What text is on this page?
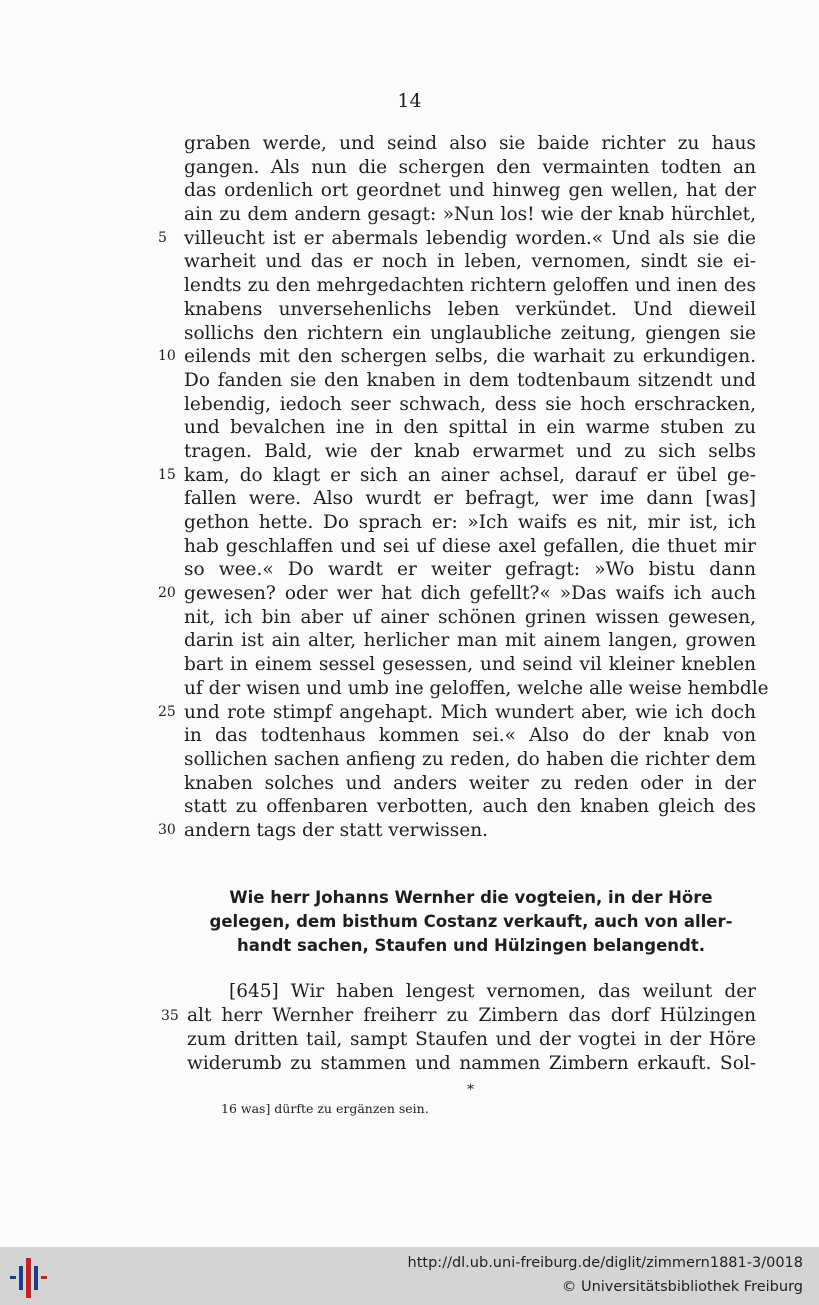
14
graben werde, und seind also sie baide richter zu haus
gangen. Als nun die schergen den vermainten todten an
das ordenlich ort geordnet und hinweg gen wellen, hat der
ain zu dem andern gesagt: »Nun los! wie der knab hürchlet,
5 villeucht ist er abermals lebendig worden.« Und als sie die
warheit und das er noch in leben, vernomen, sindt sie ei-
lendts zu den mehrgedachten richtern geloffen und inen des
knabens unversehenlichs leben verkündet. Und dieweil
sollichs den richtern ein unglaubliche zeitung, giengen sie
10 eilends mit den schergen selbs, die warhait zu erkundigen.
Do fanden sie den knaben in dem todtenbaum sitzendt und
lebendig, iedoch seer schwach, dess sie hoch erschracken,
und bevalchen ine in den spittal in ein warme stuben zu
tragen. Bald, wie der knab erwarmet und zu sich selbs
15 kam, do klagt er sich an ainer achsel, darauf er übel ge-
fallen were. Also wurdt er befragt, wer ime dann [was]
gethon hette. Do sprach er: »Ich waifs es nit, mir ist, ich
hab geschlaffen und sei uf diese axel gefallen, die thuet mir
so wee.« Do wardt er weiter gefragt: »Wo bistu dann
20 gewesen? oder wer hat dich gefellt?« »Das waifs ich auch
nit, ich bin aber uf ainer schönen grinen wissen gewesen,
darin ist ain alter, herlicher man mit ainem langen, growen
bart in einem sessel gesessen, und seind vil kleiner kneblen
uf der wisen und umb ine geloffen, welche alle weise hembdle
25 und rote stimpf angehapt. Mich wundert aber, wie ich doch
in das todtenhaus kommen sei.« Also do der knab von
sollichen sachen anfieng zu reden, do haben die richter dem
knaben solches und anders weiter zu reden oder in der
statt zu offenbaren verbotten, auch den knaben gleich des
30 andern tags der statt verwissen.
Wie herr Johanns Wernher die vogteien, in der Höre
gelegen, dem bisthum Costanz verkauft, auch von aller-
handt sachen, Staufen und Hülzingen belangendt.
[645] Wir haben lengest vernomen, das weilunt der
35 alt herr Wernher freiherr zu Zimbern das dorf Hülzingen
zum dritten tail, sampt Staufen und der vogtei in der Höre
widerumb zu stammen und nammen Zimbern erkauft. Sol-
*
16 was] dürfte zu ergänzen sein.
http://dl.ub.uni-freiburg.de/diglit/zimmern1881-3/0018
© Universitätsbibliothek Freiburg
